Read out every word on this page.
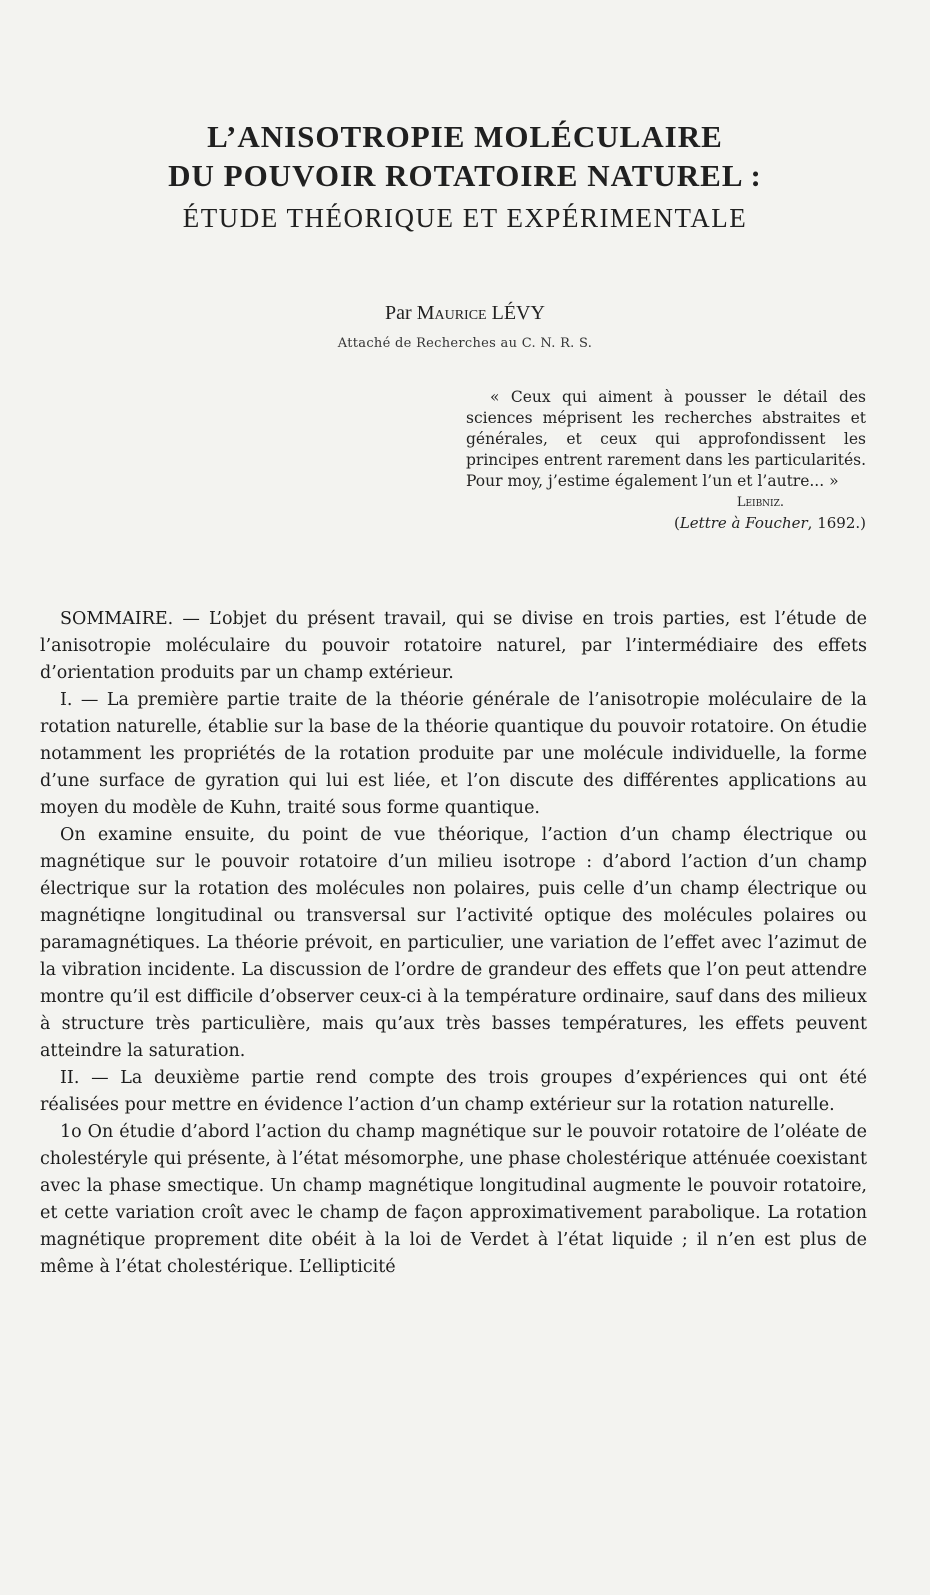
L’ANISOTROPIE MOLÉCULAIRE
DU POUVOIR ROTATOIRE NATUREL :
ÉTUDE THÉORIQUE ET EXPÉRIMENTALE
Par Maurice LÉVY
Attaché de Recherches au C. N. R. S.
« Ceux qui aiment à pousser le détail des sciences méprisent les recherches abstraites et générales, et ceux qui approfondissent les principes entrent rarement dans les particularités. Pour moy, j’estime également l’un et l’autre... »
Leibniz.
(Lettre à Foucher, 1692.)

SOMMAIRE. — L’objet du présent travail, qui se divise en trois parties, est l’étude de l’anisotropie moléculaire du pouvoir rotatoire naturel, par l’intermédiaire des effets d’orientation produits par un champ extérieur.

I. — La première partie traite de la théorie générale de l’anisotropie moléculaire de la rotation naturelle, établie sur la base de la théorie quantique du pouvoir rotatoire. On étudie notamment les propriétés de la rotation produite par une molécule individuelle, la forme d’une surface de gyration qui lui est liée, et l’on discute des différentes applications au moyen du modèle de Kuhn, traité sous forme quantique.

On examine ensuite, du point de vue théorique, l’action d’un champ électrique ou magnétique sur le pouvoir rotatoire d’un milieu isotrope : d’abord l’action d’un champ électrique sur la rotation des molécules non polaires, puis celle d’un champ électrique ou magnétiqne longitudinal ou transversal sur l’activité optique des molécules polaires ou paramagnétiques. La théorie prévoit, en particulier, une variation de l’effet avec l’azimut de la vibration incidente. La discussion de l’ordre de grandeur des effets que l’on peut attendre montre qu’il est difficile d’observer ceux-ci à la température ordinaire, sauf dans des milieux à structure très particulière, mais qu’aux très basses températures, les effets peuvent atteindre la saturation.

II. — La deuxième partie rend compte des trois groupes d’expériences qui ont été réalisées pour mettre en évidence l’action d’un champ extérieur sur la rotation naturelle.

1o On étudie d’abord l’action du champ magnétique sur le pouvoir rotatoire de l’oléate de cholestéryle qui présente, à l’état mésomorphe, une phase cholestérique atténuée coexistant avec la phase smectique. Un champ magnétique longitudinal augmente le pouvoir rotatoire, et cette variation croît avec le champ de façon approximativement parabolique. La rotation magnétique proprement dite obéit à la loi de Verdet à l’état liquide ; il n’en est plus de même à l’état cholestérique. L’ellipticité
